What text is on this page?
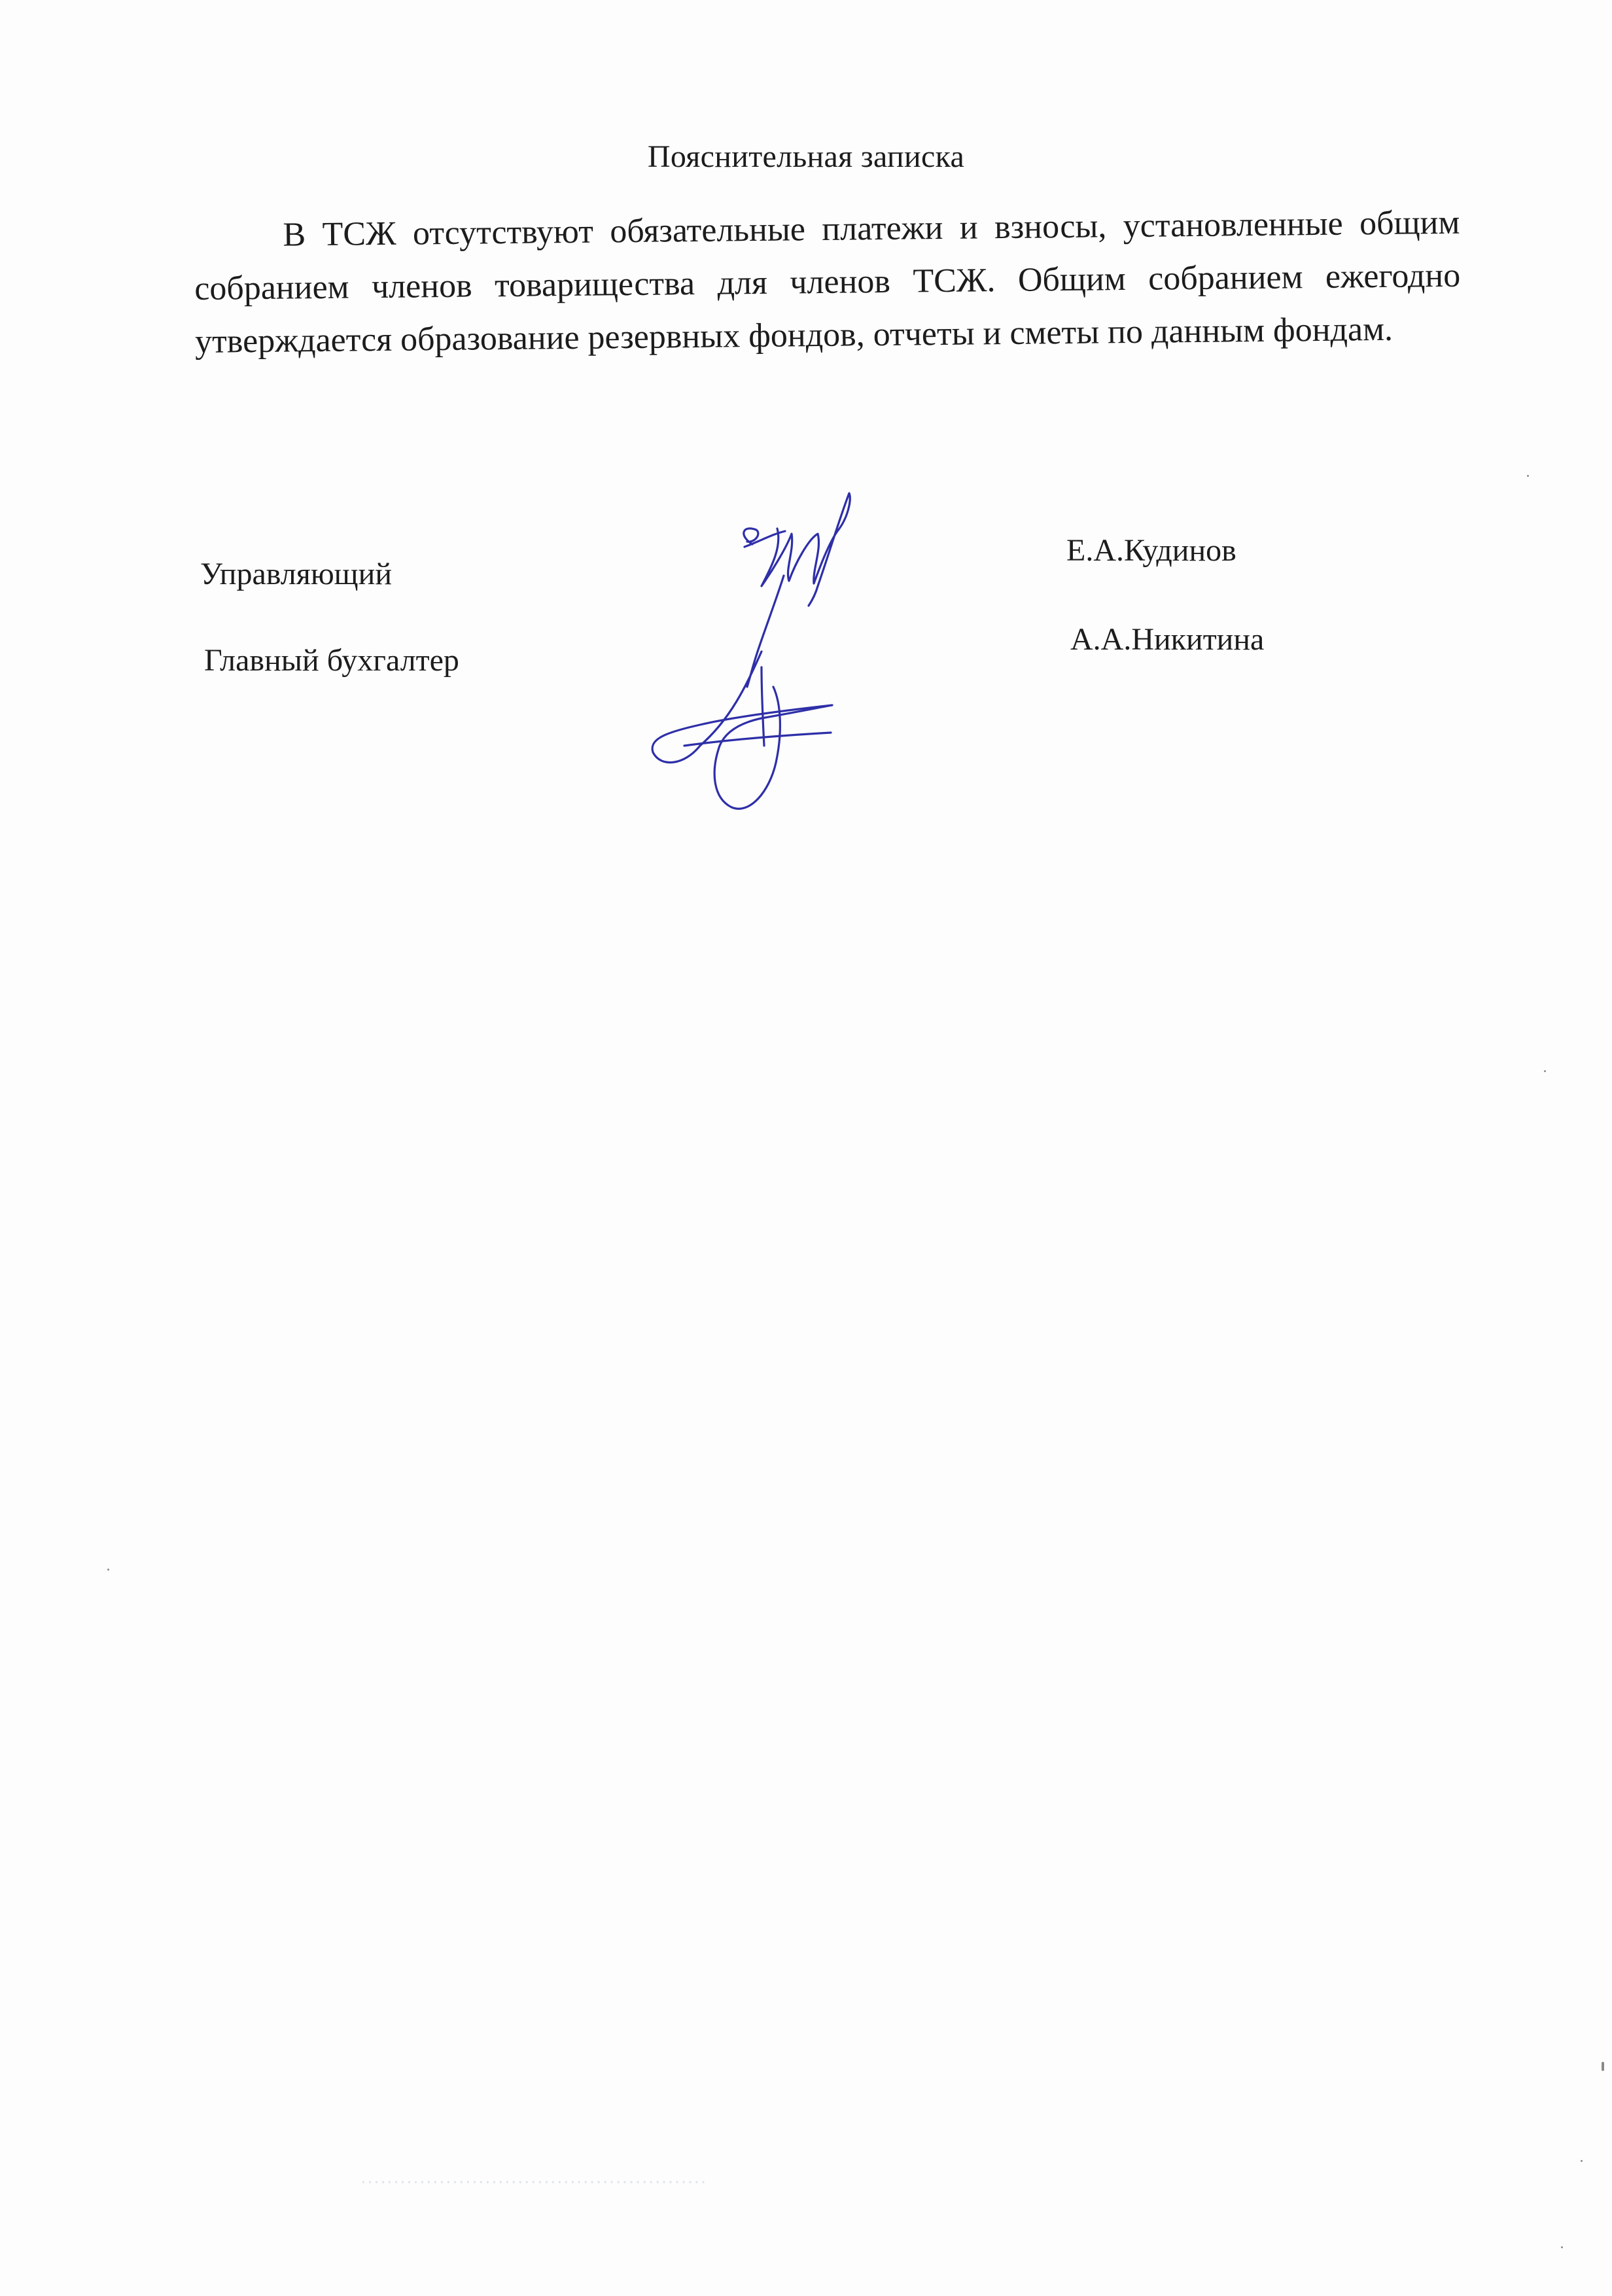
Пояснительная записка
В ТСЖ отсутствуют обязательные платежи и взносы, установленные общим собранием членов товарищества для членов ТСЖ. Общим собранием ежегодно утверждается образование резервных фондов, отчеты и сметы по данным фондам.
Управляющий
Главный бухгалтер
Е.А.Кудинов
А.А.Никитина
·····················································
